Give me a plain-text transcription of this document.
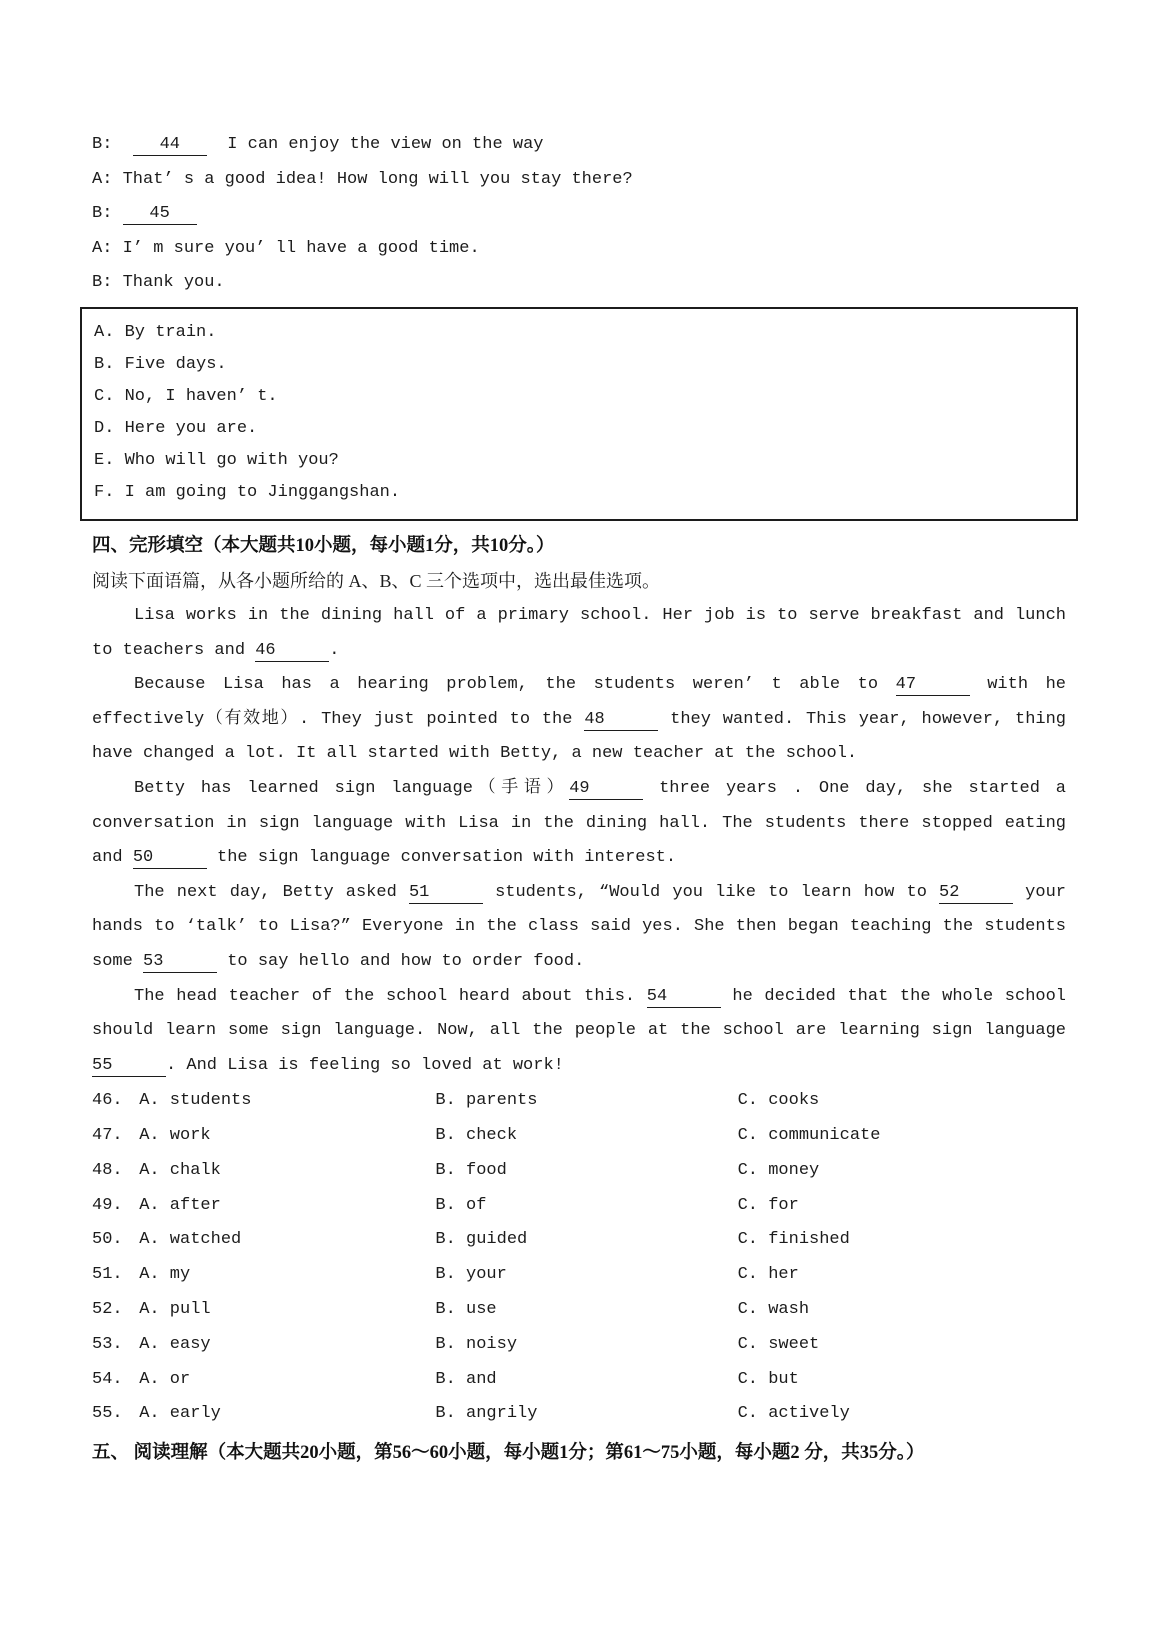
B:  44  I can enjoy the view on the way

A: That’ s a good idea! How long will you stay there?

B: 45

A: I’ m sure you’ ll have a good time.

B: Thank you.

A. By train.

B. Five days.

C. No, I haven’ t.

D. Here you are.

E. Who will go with you?

F. I am going to Jinggangshan.

四、完形填空（本大题共10小题，每小题1分，共10分。）

阅读下面语篇，从各小题所给的 A、B、C 三个选项中，选出最佳选项。

Lisa works in the dining hall of a primary school. Her job is to serve breakfast and lunch to teachers and 46	.

Because Lisa has a hearing problem, the students weren’ t able to 47	with he effectively（有效地）. They just pointed to the 48	they wanted. This year, however, thing have changed a lot. It all started with Betty, a new teacher at the school.

Betty has learned sign language（手语）49	three years . One day, she started a conversation in sign language with Lisa in the dining hall. The students there stopped eating and 50	the sign language conversation with interest.

The next day, Betty asked 51	students, “Would you like to learn how to 52	your hands to ‘talk’ to Lisa?” Everyone in the class said yes. She then began teaching the students some 53	to say hello and how to order food.

The head teacher of the school heard about this. 54	he decided that the whole school should learn some sign language. Now, all the people at the school are learning sign language 55	. And Lisa is feeling so loved at work!

46. A. students	B. parents	C. cooks
47. A. work	B. check	C. communicate
48. A. chalk	B. food	C. money
49. A. after	B. of	C. for
50. A. watched	B. guided	C. finished
51. A. my	B. your	C. her
52. A. pull	B. use	C. wash
53. A. easy	B. noisy	C. sweet
54. A. or	B. and	C. but
55. A. early	B. angrily	C. actively
五、 阅读理解（本大题共20小题，第56～60小题，每小题1分；第61～75小题，每小题2 分，共35分。）
